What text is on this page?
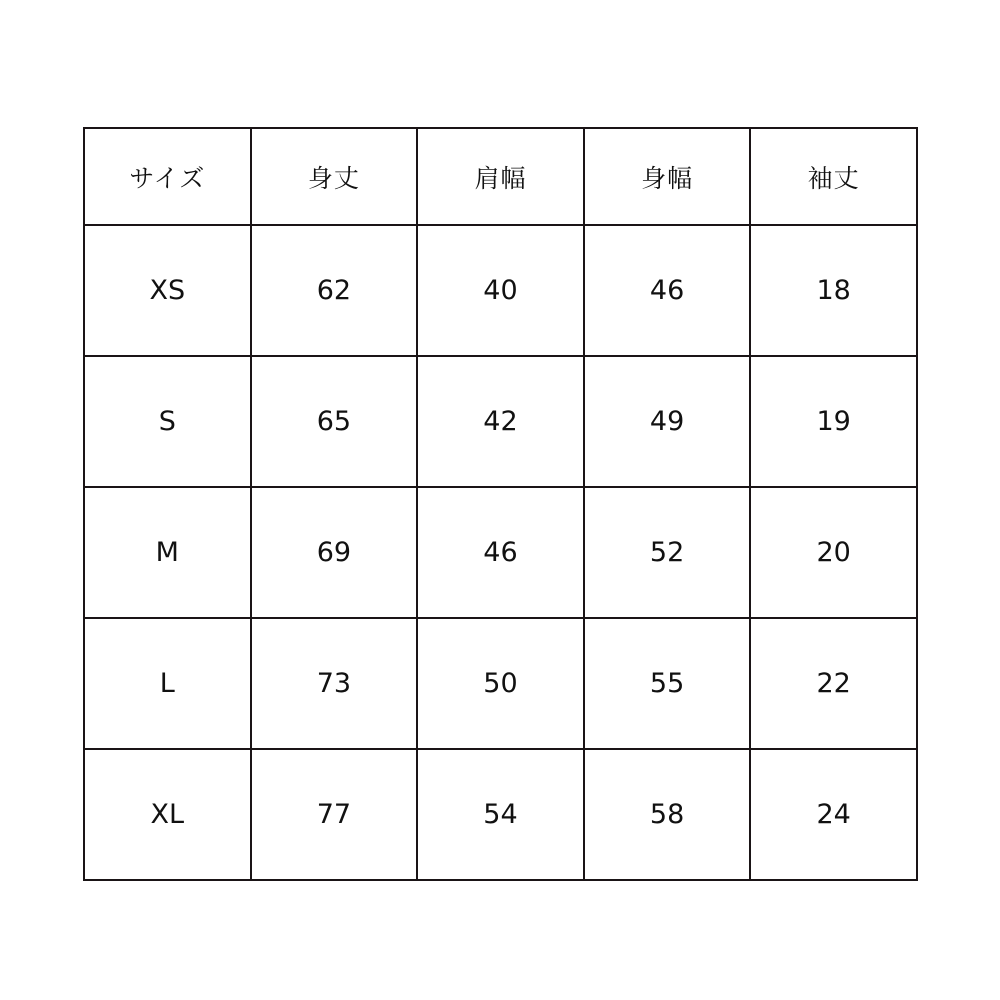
サイズ	身丈	肩幅	身幅	袖丈
XS	62	40	46	18
S	65	42	49	19
M	69	46	52	20
L	73	50	55	22
XL	77	54	58	24
